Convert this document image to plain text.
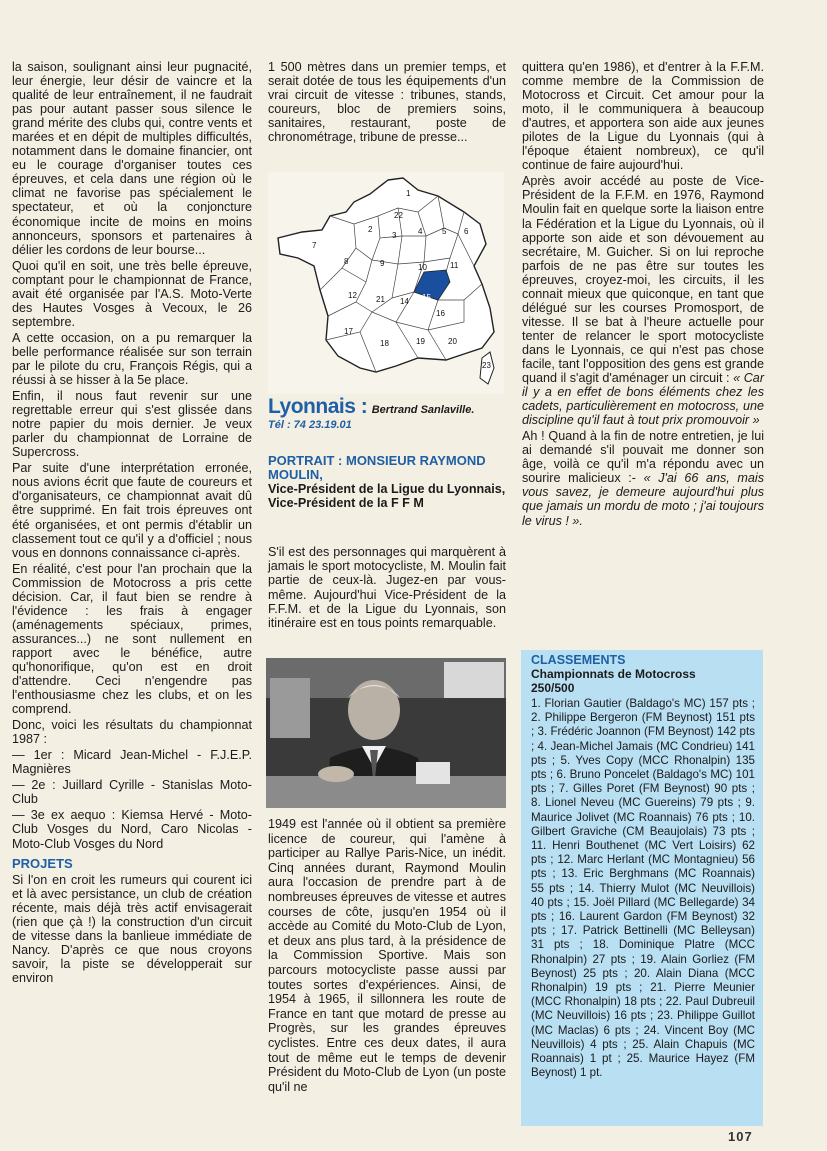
la saison, soulignant ainsi leur pugnacité, leur énergie, leur désir de vaincre et la qualité de leur entraînement, il ne faudrait pas pour autant passer sous silence le grand mérite des clubs qui, contre vents et marées et en dépit de multiples difficultés, notamment dans le domaine financier, ont eu le courage d'organiser toutes ces épreuves, et cela dans une région où le climat ne favorise pas spécialement le spectateur, et où la conjoncture économique incite de moins en moins annonceurs, sponsors et partenaires à délier les cordons de leur bourse...

Quoi qu'il en soit, une très belle épreuve, comptant pour le championnat de France, avait été organisée par l'A.S. Moto-Verte des Hautes Vosges à Vecoux, le 26 septembre.

A cette occasion, on a pu remarquer la belle performance réalisée sur son terrain par le pilote du cru, François Régis, qui a réussi à se hisser à la 5e place.

Enfin, il nous faut revenir sur une regrettable erreur qui s'est glissée dans notre papier du mois dernier. Je veux parler du championnat de Lorraine de Supercross.

Par suite d'une interprétation erronée, nous avions écrit que faute de coureurs et d'organisateurs, ce championnat avait dû être supprimé. En fait trois épreuves ont été organisées, et ont permis d'établir un classement tout ce qu'il y a d'officiel ; nous vous en donnons connaissance ci-après.

En réalité, c'est pour l'an prochain que la Commission de Motocross a pris cette décision. Car, il faut bien se rendre à l'évidence : les frais à engager (aménagements spéciaux, primes, assurances...) ne sont nullement en rapport avec le bénéfice, autre qu'honorifique, qu'on est en droit d'attendre. Ceci n'engendre pas l'enthousiasme chez les clubs, et on les comprend.

Donc, voici les résultats du championnat 1987 :

— 1er : Micard Jean-Michel - F.J.E.P. Magnières

— 2e : Juillard Cyrille - Stanislas Moto-Club

— 3e ex aequo : Kiemsa Hervé - Moto-Club Vosges du Nord, Caro Nicolas - Moto-Club Vosges du Nord

PROJETS

Si l'on en croit les rumeurs qui courent ici et là avec persistance, un club de création récente, mais déjà très actif envisagerait (rien que çà !) la construction d'un circuit de vitesse dans la banlieue immédiate de Nancy. D'après ce que nous croyons savoir, la piste se développerait sur environ

1 500 mètres dans un premier temps, et serait dotée de tous les équipements d'un vrai circuit de vitesse : tribunes, stands, coureurs, bloc de premiers soins, sanitaires, restaurant, poste de chronométrage, tribune de presse...

1
22
2
3	4 5 6
7
8	9	10	11
12 21 14 15
16
17
18	19	20
23
Lyonnais : Bertrand Sanlaville.
Tél : 74 23.19.01
PORTRAIT : MONSIEUR RAYMOND MOULIN,
Vice-Président de la Ligue du Lyonnais, Vice-Président de la F F M

S'il est des personnages qui marquèrent à jamais le sport motocycliste, M. Moulin fait partie de ceux-là. Jugez-en par vous-même. Aujourd'hui Vice-Président de la F.F.M. et de la Ligue du Lyonnais, son itinéraire est en tous points remarquable.

1949 est l'année où il obtient sa première licence de coureur, qui l'amène à participer au Rallye Paris-Nice, un inédit. Cinq années durant, Raymond Moulin aura l'occasion de prendre part à de nombreuses épreuves de vitesse et autres courses de côte, jusqu'en 1954 où il accède au Comité du Moto-Club de Lyon, et deux ans plus tard, à la présidence de la Commission Sportive. Mais son parcours motocycliste passe aussi par toutes sortes d'expériences. Ainsi, de 1954 à 1965, il sillonnera les route de France en tant que motard de presse au Progrès, sur les grandes épreuves cyclistes. Entre ces deux dates, il aura tout de même eut le temps de devenir Président du Moto-Club de Lyon (un poste qu'il ne

quittera qu'en 1986), et d'entrer à la F.F.M. comme membre de la Commission de Motocross et Circuit. Cet amour pour la moto, il le communiquera à beaucoup d'autres, et apportera son aide aux jeunes pilotes de la Ligue du Lyonnais (qui à l'époque étaient nombreux), ce qu'il continue de faire aujourd'hui.

Après avoir accédé au poste de Vice-Président de la F.F.M. en 1976, Raymond Moulin fait en quelque sorte la liaison entre la Fédération et la Ligue du Lyonnais, où il apporte son aide et son dévouement au secrétaire, M. Guicher. Si on lui reproche parfois de ne pas être sur toutes les épreuves, croyez-moi, les circuits, il les connait mieux que quiconque, en tant que délégué sur les courses Promosport, de vitesse. Il se bat à l'heure actuelle pour tenter de relancer le sport motocycliste dans le Lyonnais, ce qui n'est pas chose facile, tant l'opposition des gens est grande quand il s'agit d'aménager un circuit : « Car il y a en effet de bons éléments chez les cadets, particulièrement en motocross, une discipline qu'il faut à tout prix promouvoir »

Ah ! Quand à la fin de notre entretien, je lui ai demandé s'il pouvait me donner son âge, voilà ce qu'il m'a répondu avec un sourire malicieux :- « J'ai 66 ans, mais vous savez, je demeure aujourd'hui plus que jamais un mordu de moto ; j'ai toujours le virus ! ».

CLASSEMENTS
Championnats de Motocross
250/500
1. Florian Gautier (Baldago's MC) 157 pts ; 2. Philippe Bergeron (FM Beynost) 151 pts ; 3. Frédéric Joannon (FM Beynost) 142 pts ; 4. Jean-Michel Jamais (MC Condrieu) 141 pts ; 5. Yves Copy (MCC Rhonalpin) 135 pts ; 6. Bruno Poncelet (Baldago's MC) 101 pts ; 7. Gilles Poret (FM Beynost) 90 pts ; 8. Lionel Neveu (MC Guereins) 79 pts ; 9. Maurice Jolivet (MC Roannais) 76 pts ; 10. Gilbert Graviche (CM Beaujolais) 73 pts ; 11. Henri Bouthenet (MC Vert Loisirs) 62 pts ; 12. Marc Herlant (MC Montagnieu) 56 pts ; 13. Eric Berghmans (MC Roannais) 55 pts ; 14. Thierry Mulot (MC Neuvillois) 40 pts ; 15. Joël Pillard (MC Bellegarde) 34 pts ; 16. Laurent Gardon (FM Beynost) 32 pts ; 17. Patrick Bettinelli (MC Belleysan) 31 pts ; 18. Dominique Platre (MCC Rhonalpin) 27 pts ; 19. Alain Gorliez (FM Beynost) 25 pts ; 20. Alain Diana (MCC Rhonalpin) 19 pts ; 21. Pierre Meunier (MCC Rhonalpin) 18 pts ; 22. Paul Dubreuil (MC Neuvillois) 16 pts ; 23. Philippe Guillot (MC Maclas) 6 pts ; 24. Vincent Boy (MC Neuvillois) 4 pts ; 25. Alain Chapuis (MC Roannais) 1 pt ; 25. Maurice Hayez (FM Beynost) 1 pt.
107
